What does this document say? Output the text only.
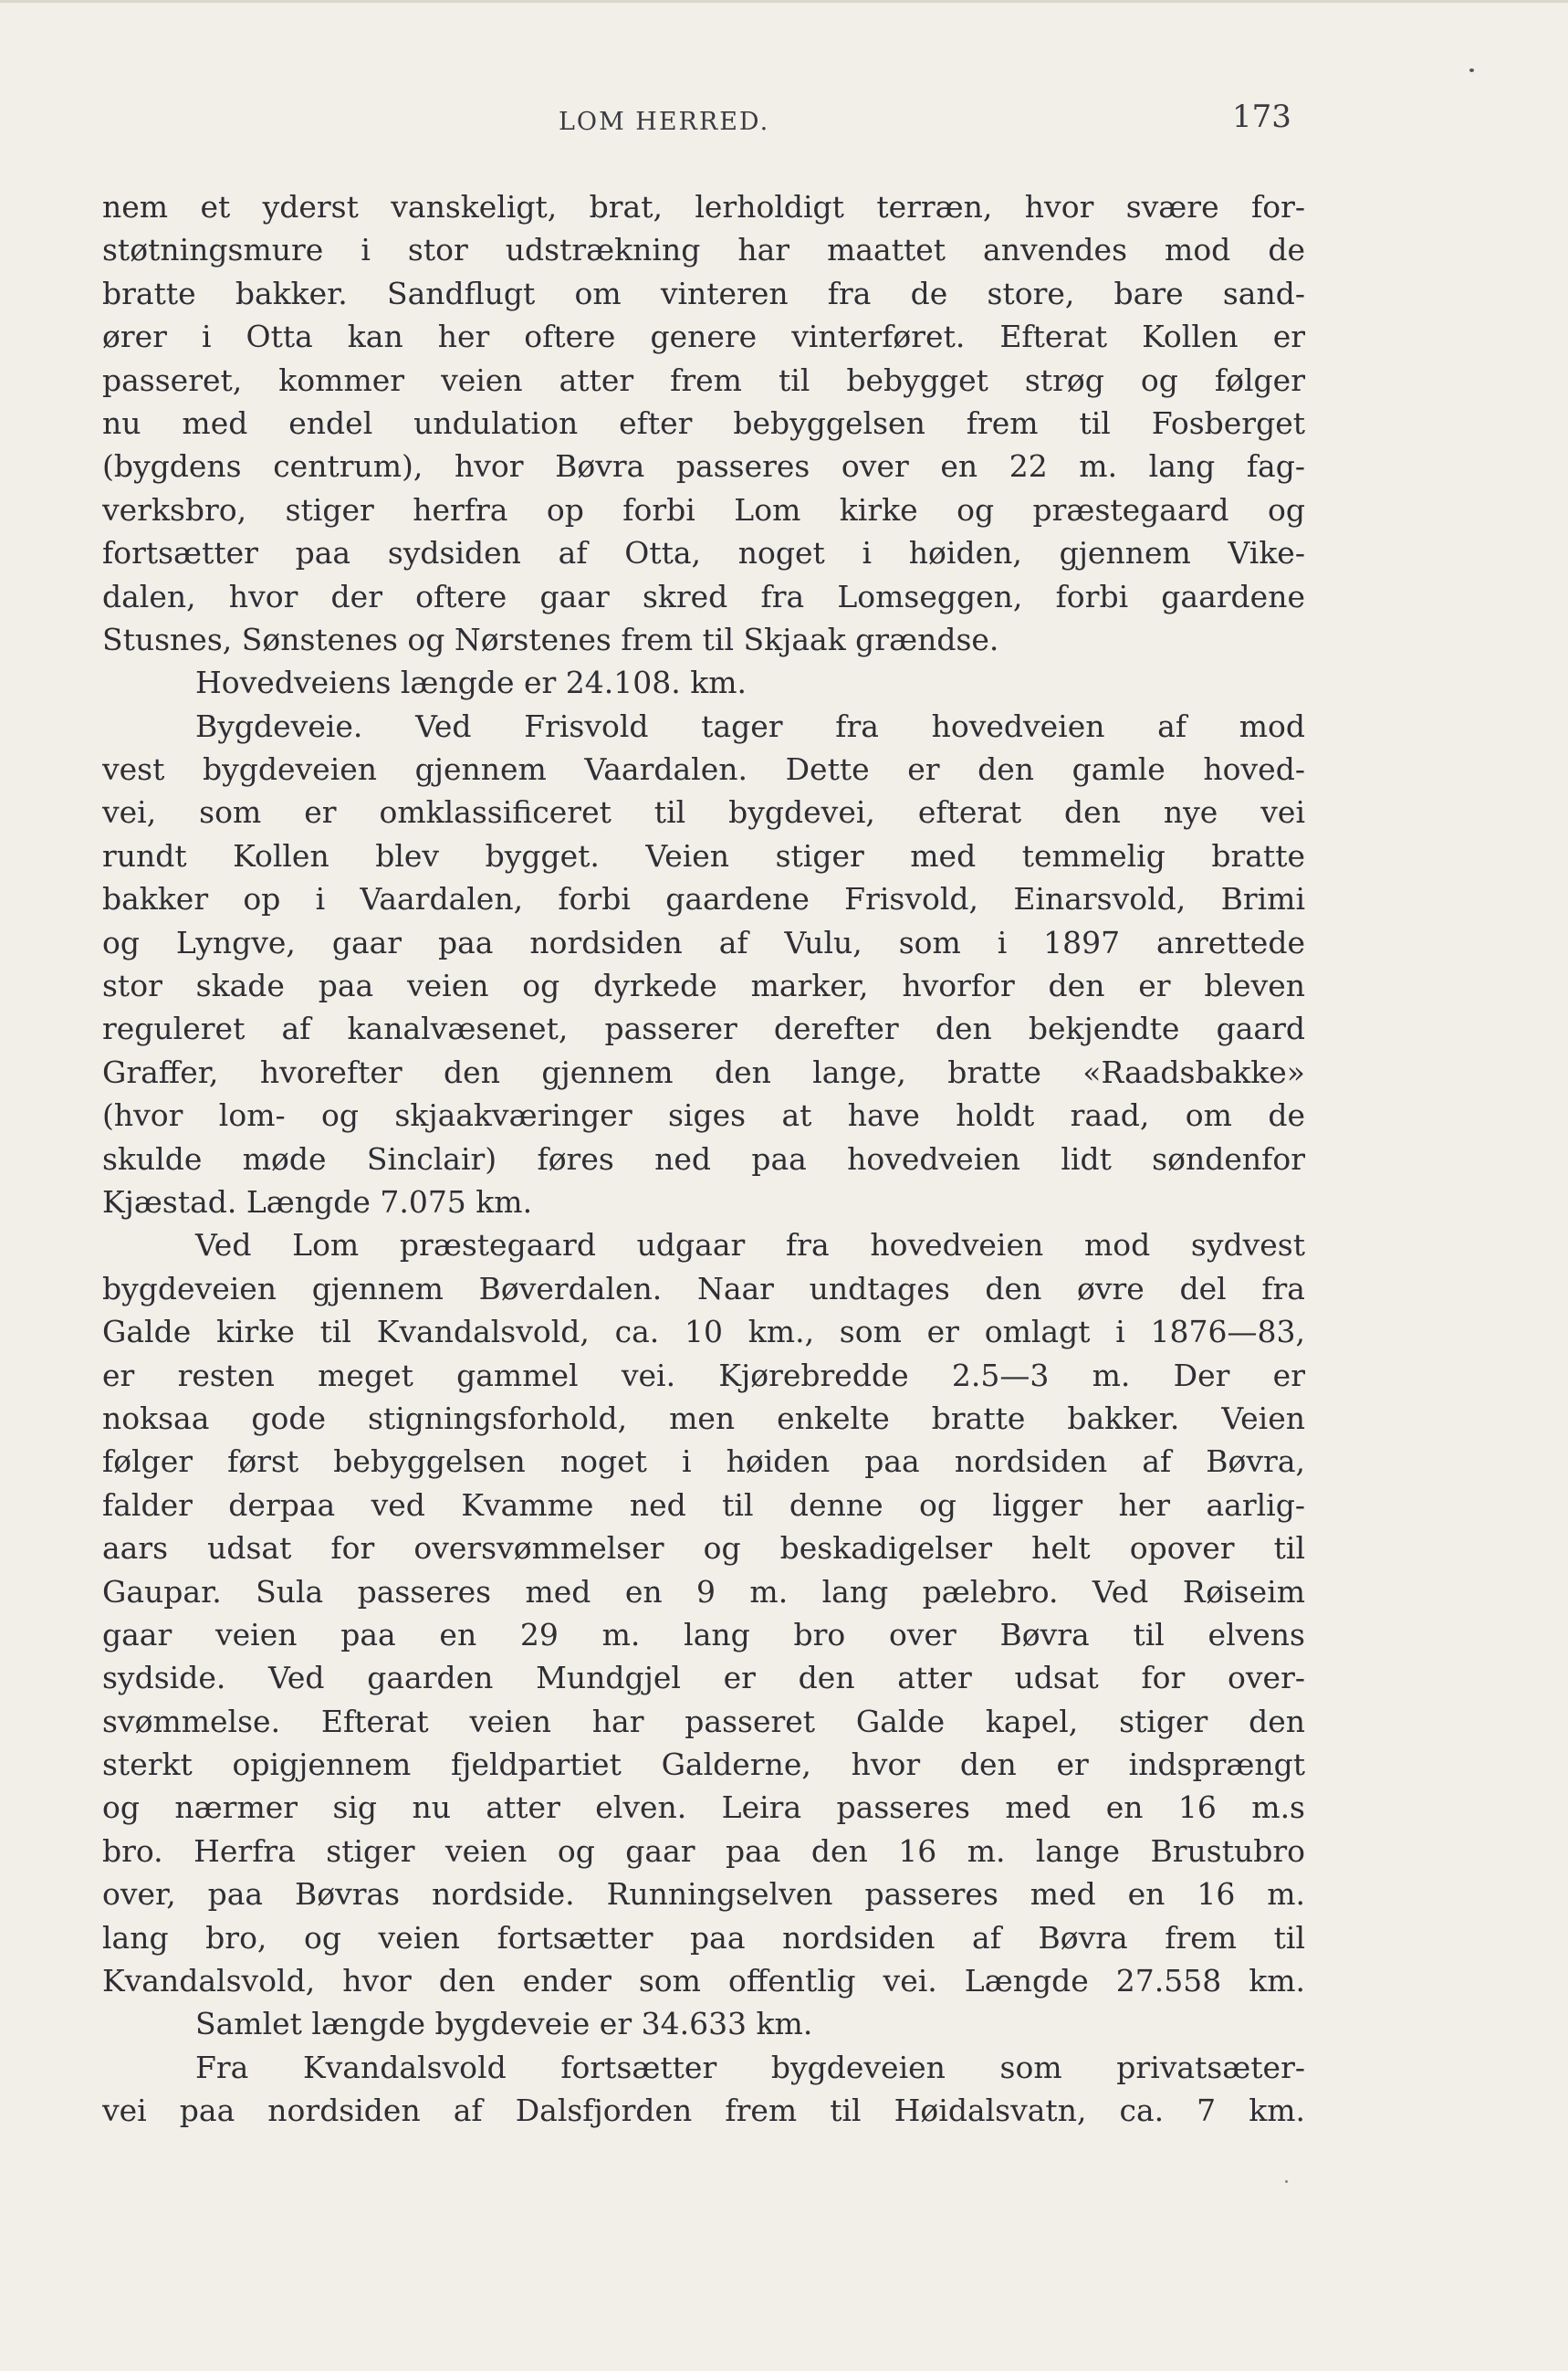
LOM HERRED.	173
nem et yderst vanskeligt, brat, lerholdigt terræn, hvor svære for-
støtningsmure i stor udstrækning har maattet anvendes mod de
bratte bakker. Sandflugt om vinteren fra de store, bare sand-
ører i Otta kan her oftere genere vinterføret. Efterat Kollen er
passeret, kommer veien atter frem til bebygget strøg og følger
nu med endel undulation efter bebyggelsen frem til Fosberget
(bygdens centrum), hvor Bøvra passeres over en 22 m. lang fag-
verksbro, stiger herfra op forbi Lom kirke og præstegaard og
fortsætter paa sydsiden af Otta, noget i høiden, gjennem Vike-
dalen, hvor der oftere gaar skred fra Lomseggen, forbi gaardene
Stusnes, Sønstenes og Nørstenes frem til Skjaak grændse.
Hovedveiens længde er 24.108. km.
Bygdeveie. Ved Frisvold tager fra hovedveien af mod
vest bygdeveien gjennem Vaardalen. Dette er den gamle hoved-
vei, som er omklassificeret til bygdevei, efterat den nye vei
rundt Kollen blev bygget. Veien stiger med temmelig bratte
bakker op i Vaardalen, forbi gaardene Frisvold, Einarsvold, Brimi
og Lyngve, gaar paa nordsiden af Vulu, som i 1897 anrettede
stor skade paa veien og dyrkede marker, hvorfor den er bleven
reguleret af kanalvæsenet, passerer derefter den bekjendte gaard
Graffer, hvorefter den gjennem den lange, bratte «Raadsbakke»
(hvor lom- og skjaakværinger siges at have holdt raad, om de
skulde møde Sinclair) føres ned paa hovedveien lidt søndenfor
Kjæstad. Længde 7.075 km.
Ved Lom præstegaard udgaar fra hovedveien mod sydvest
bygdeveien gjennem Bøverdalen. Naar undtages den øvre del fra
Galde kirke til Kvandalsvold, ca. 10 km., som er omlagt i 1876—83,
er resten meget gammel vei. Kjørebredde 2.5—3 m. Der er
noksaa gode stigningsforhold, men enkelte bratte bakker. Veien
følger først bebyggelsen noget i høiden paa nordsiden af Bøvra,
falder derpaa ved Kvamme ned til denne og ligger her aarlig-
aars udsat for oversvømmelser og beskadigelser helt opover til
Gaupar. Sula passeres med en 9 m. lang pælebro. Ved Røiseim
gaar veien paa en 29 m. lang bro over Bøvra til elvens
sydside. Ved gaarden Mundgjel er den atter udsat for over-
svømmelse. Efterat veien har passeret Galde kapel, stiger den
sterkt opigjennem fjeldpartiet Galderne, hvor den er indsprængt
og nærmer sig nu atter elven. Leira passeres med en 16 m.s
bro. Herfra stiger veien og gaar paa den 16 m. lange Brustubro
over, paa Bøvras nordside. Runningselven passeres med en 16 m.
lang bro, og veien fortsætter paa nordsiden af Bøvra frem til
Kvandalsvold, hvor den ender som offentlig vei. Længde 27.558 km.
Samlet længde bygdeveie er 34.633 km.
Fra Kvandalsvold fortsætter bygdeveien som privatsæter-
vei paa nordsiden af Dalsfjorden frem til Høidalsvatn, ca. 7 km.
